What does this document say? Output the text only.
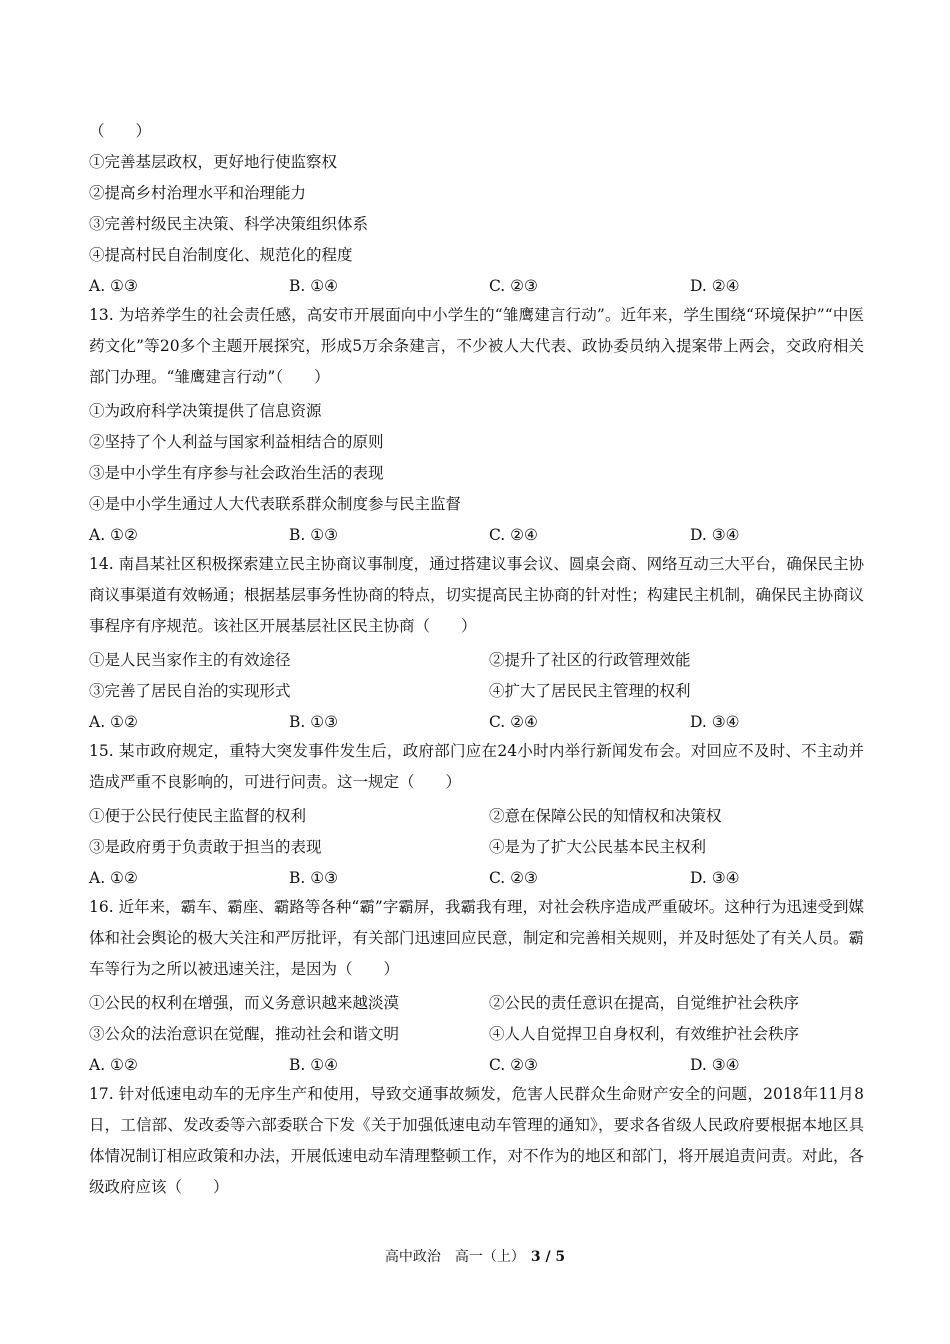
（　　）
①完善基层政权，更好地行使监察权
②提高乡村治理水平和治理能力
③完善村级民主决策、科学决策组织体系
④提高村民自治制度化、规范化的程度
A. ①③	B. ①④	C. ②③	D. ②④
13. 为培养学生的社会责任感，高安市开展面向中小学生的“雏鹰建言行动”。近年来，学生围绕“环境保护”“中医药文化”等20多个主题开展探究，形成5万余条建言，不少被人大代表、政协委员纳入提案带上两会，交政府相关部门办理。“雏鹰建言行动”（　　）
①为政府科学决策提供了信息资源
②坚持了个人利益与国家利益相结合的原则
③是中小学生有序参与社会政治生活的表现
④是中小学生通过人大代表联系群众制度参与民主监督
A. ①②	B. ①③	C. ②④	D. ③④
14. 南昌某社区积极探索建立民主协商议事制度，通过搭建议事会议、圆桌会商、网络互动三大平台，确保民主协商议事渠道有效畅通；根据基层事务性协商的特点，切实提高民主协商的针对性；构建民主机制，确保民主协商议事程序有序规范。该社区开展基层社区民主协商（　　）
①是人民当家作主的有效途径	②提升了社区的行政管理效能
③完善了居民自治的实现形式	④扩大了居民民主管理的权利
A. ①②	B. ①③	C. ②④	D. ③④
15. 某市政府规定，重特大突发事件发生后，政府部门应在24小时内举行新闻发布会。对回应不及时、不主动并造成严重不良影响的，可进行问责。这一规定（　　）
①便于公民行使民主监督的权利	②意在保障公民的知情权和决策权
③是政府勇于负责敢于担当的表现	④是为了扩大公民基本民主权利
A. ①②	B. ①③	C. ②③	D. ③④
16. 近年来，霸车、霸座、霸路等各种“霸”字霸屏，我霸我有理，对社会秩序造成严重破坏。这种行为迅速受到媒体和社会舆论的极大关注和严厉批评，有关部门迅速回应民意，制定和完善相关规则，并及时惩处了有关人员。霸车等行为之所以被迅速关注，是因为（　　）
①公民的权利在增强，而义务意识越来越淡漠	②公民的责任意识在提高，自觉维护社会秩序
③公众的法治意识在觉醒，推动社会和谐文明	④人人自觉捍卫自身权利，有效维护社会秩序
A. ①②	B. ①④	C. ②③	D. ③④
17. 针对低速电动车的无序生产和使用，导致交通事故频发，危害人民群众生命财产安全的问题，2018年11月8日，工信部、发改委等六部委联合下发《关于加强低速电动车管理的通知》，要求各省级人民政府要根据本地区具体情况制订相应政策和办法，开展低速电动车清理整顿工作，对不作为的地区和部门，将开展追责问责。对此，各级政府应该（　　）
高中政治　高一（上） 3 / 5
